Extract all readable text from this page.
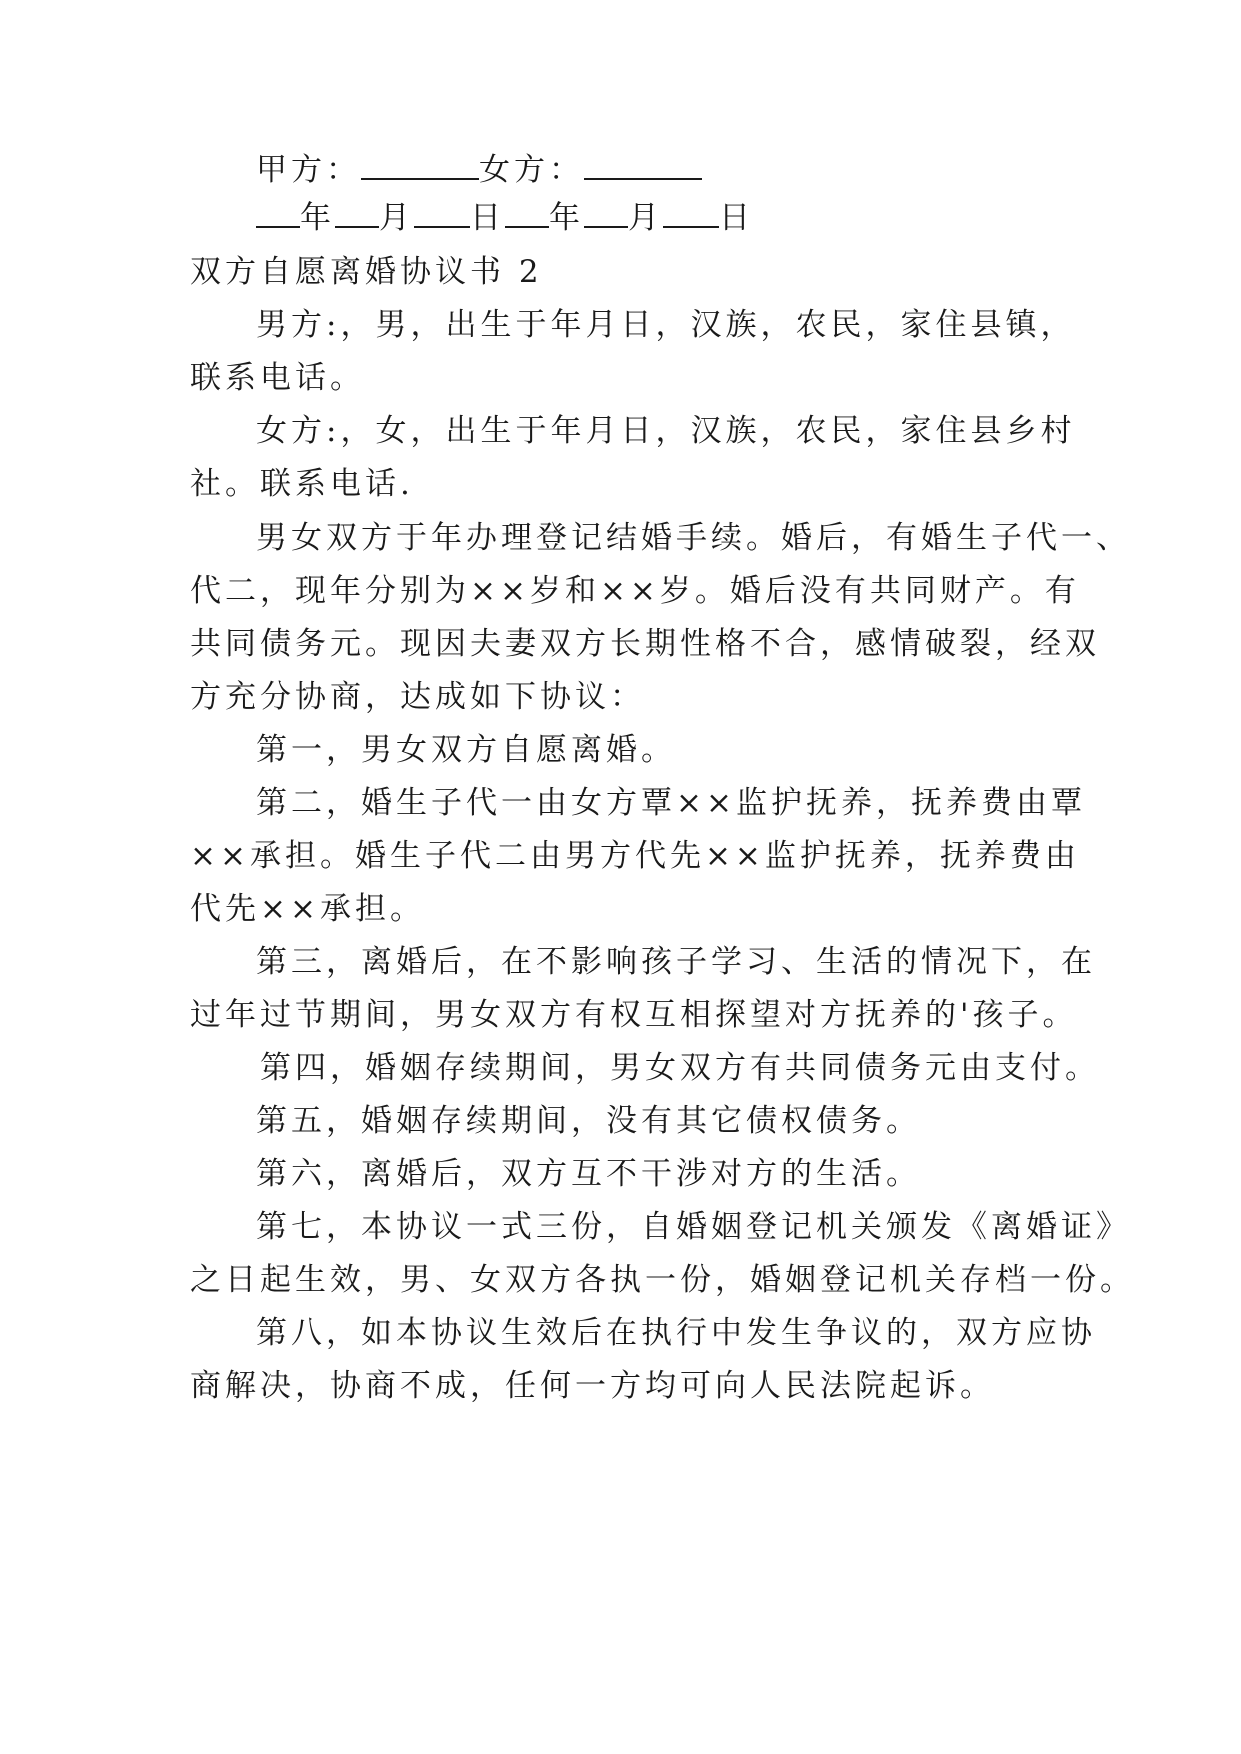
甲方：	女方：
年 月 日 年 月 日
双方自愿离婚协议书 2
男方:，男，出生于年月日，汉族，农民，家住县镇，
联系电话。
女方:，女，出生于年月日，汉族，农民，家住县乡村
社。联系电话.
男女双方于年办理登记结婚手续。婚后，有婚生子代一、
代二，现年分别为××岁和××岁。婚后没有共同财产。有
共同债务元。现因夫妻双方长期性格不合，感情破裂，经双
方充分协商，达成如下协议：
第一，男女双方自愿离婚。
第二，婚生子代一由女方覃××监护抚养，抚养费由覃
××承担。婚生子代二由男方代先××监护抚养，抚养费由
代先××承担。
第三，离婚后，在不影响孩子学习、生活的情况下，在
过年过节期间，男女双方有权互相探望对方抚养的'孩子。
第四，婚姻存续期间，男女双方有共同债务元由支付。
第五，婚姻存续期间，没有其它债权债务。
第六，离婚后，双方互不干涉对方的生活。
第七，本协议一式三份，自婚姻登记机关颁发《离婚证》
之日起生效，男、女双方各执一份，婚姻登记机关存档一份。
第八，如本协议生效后在执行中发生争议的，双方应协
商解决，协商不成，任何一方均可向人民法院起诉。
